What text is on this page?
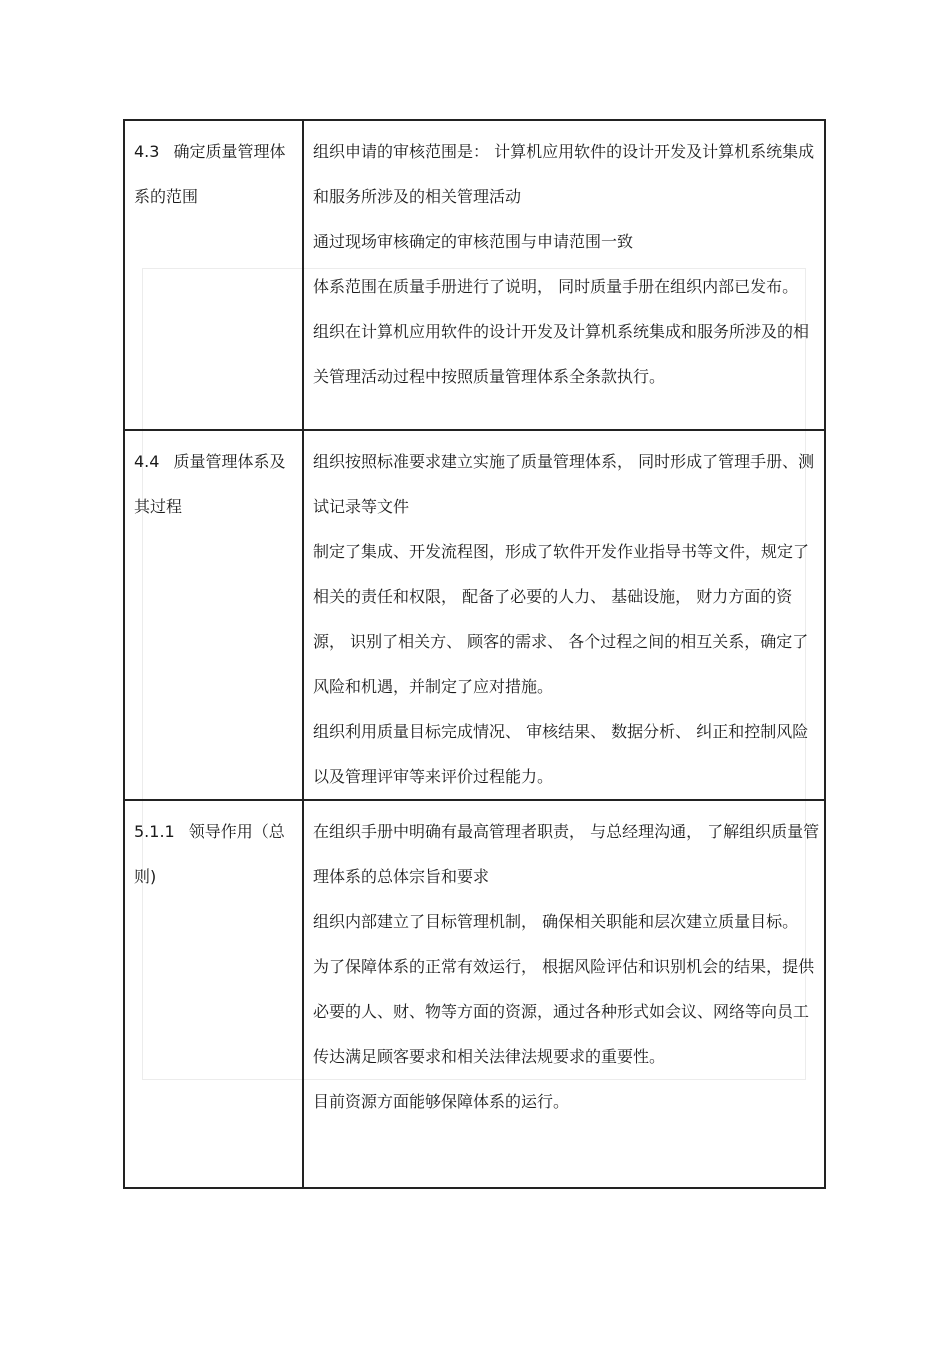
4.3 确定质量管理体系的范围	组织申请的审核范围是： 计算机应用软件的设计开发及计算机系统集成和服务所涉及的相关管理活动
通过现场审核确定的审核范围与申请范围一致
体系范围在质量手册进行了说明， 同时质量手册在组织内部已发布。
组织在计算机应用软件的设计开发及计算机系统集成和服务所涉及的相关管理活动过程中按照质量管理体系全条款执行。

4.4 质量管理体系及其过程	组织按照标准要求建立实施了质量管理体系， 同时形成了管理手册、测试记录等文件
制定了集成、开发流程图，形成了软件开发作业指导书等文件，规定了相关的责任和权限， 配备了必要的人力、 基础设施， 财力方面的资源， 识别了相关方、 顾客的需求、 各个过程之间的相互关系，确定了风险和机遇，并制定了应对措施。
组织利用质量目标完成情况、 审核结果、 数据分析、 纠正和控制风险以及管理评审等来评价过程能力。

5.1.1 领导作用（总则)	在组织手册中明确有最高管理者职责， 与总经理沟通， 了解组织质量管理体系的总体宗旨和要求
组织内部建立了目标管理机制， 确保相关职能和层次建立质量目标。
为了保障体系的正常有效运行， 根据风险评估和识别机会的结果，提供必要的人、财、物等方面的资源，通过各种形式如会议、网络等向员工传达满足顾客要求和相关法律法规要求的重要性。
目前资源方面能够保障体系的运行。
